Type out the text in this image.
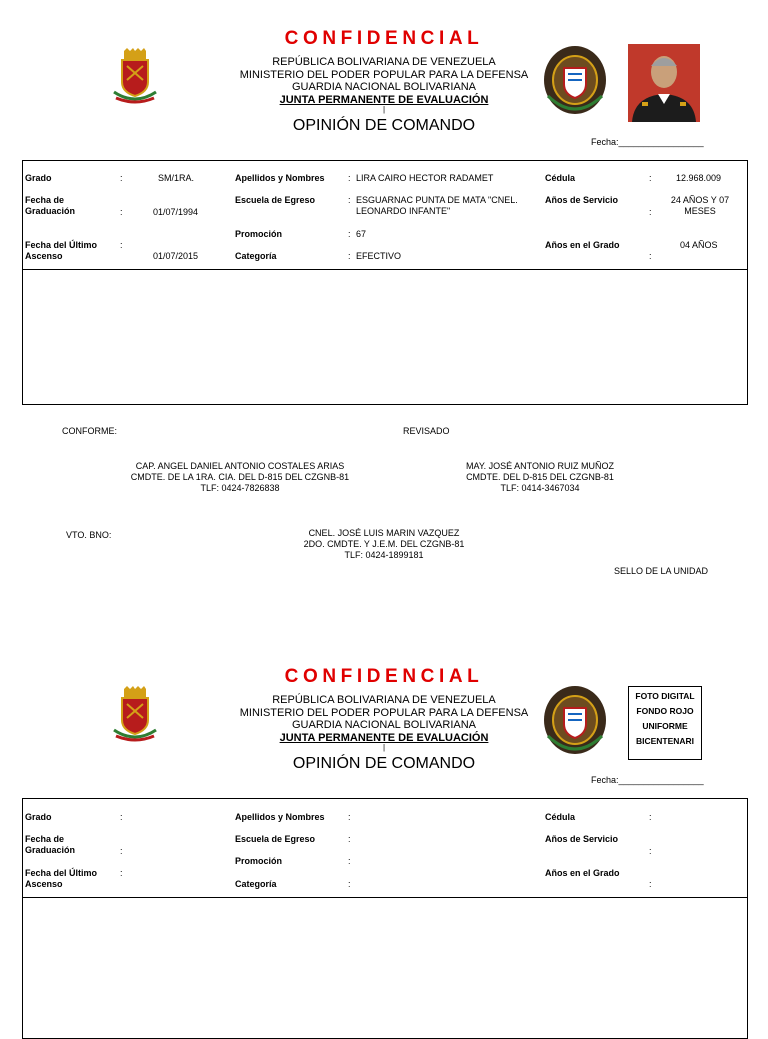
CONFIDENCIAL
REPÚBLICA BOLIVARIANA DE VENEZUELA
MINISTERIO DEL PODER POPULAR PARA LA DEFENSA
GUARDIA NACIONAL BOLIVARIANA
JUNTA PERMANENTE DE EVALUACIÓN
|
OPINIÓN DE COMANDO
Fecha:_________________
Grado	:	SM/1RA.
Fecha de Graduación	:	01/07/1994
Fecha del Último Ascenso
:
01/07/2015
Apellidos y Nombres	: LIRA CAIRO HECTOR RADAMET
Escuela de Egreso	: ESGUARNAC PUNTA DE MATA "CNEL. LEONARDO INFANTE"
Promoción	: 67
Categoría	: EFECTIVO
Cédula	:	12.968.009
Años de Servicio
:
24 AÑOS Y 07 MESES
Años en el Grado
:
04 AÑOS
CONFORME:	REVISADO
CAP. ANGEL DANIEL ANTONIO COSTALES ARIAS
CMDTE. DE LA 1RA. CIA. DEL D-815 DEL CZGNB-81
TLF: 0424-7826838
MAY. JOSÉ ANTONIO RUIZ MUÑOZ
CMDTE. DEL D-815 DEL CZGNB-81
TLF: 0414-3467034
VTO. BNO:	CNEL. JOSÉ LUIS MARIN VAZQUEZ
2DO. CMDTE. Y J.E.M. DEL CZGNB-81
TLF: 0424-1899181
SELLO DE LA UNIDAD
CONFIDENCIAL
REPÚBLICA BOLIVARIANA DE VENEZUELA
MINISTERIO DEL PODER POPULAR PARA LA DEFENSA
GUARDIA NACIONAL BOLIVARIANA
JUNTA PERMANENTE DE EVALUACIÓN
|
OPINIÓN DE COMANDO
FOTO DIGITAL
FONDO ROJO
UNIFORME
BICENTENARI
Fecha:_________________
Grado	:
Fecha de Graduación	:
Fecha del Último Ascenso
:
Apellidos y Nombres	:
Escuela de Egreso	:
Promoción	:
Categoría	:
Cédula	:
Años de Servicio
:
Años en el Grado
:
